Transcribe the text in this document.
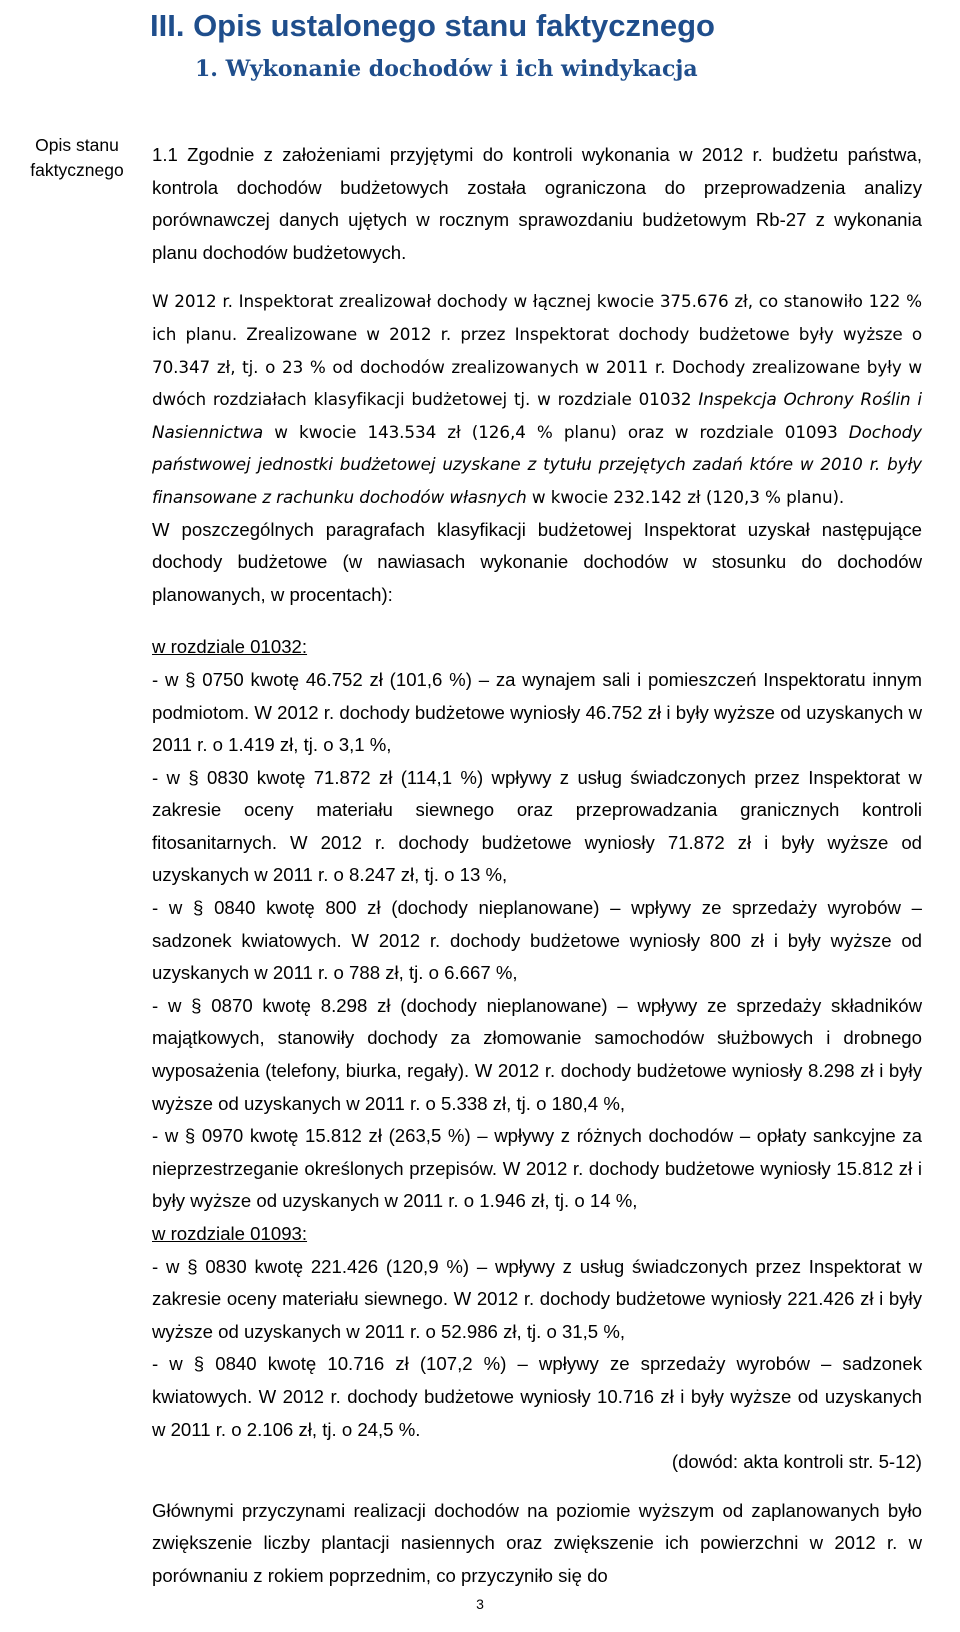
III. Opis ustalonego stanu faktycznego
1. Wykonanie dochodów i ich windykacja
Opis stanu
faktycznego

1.1 Zgodnie z założeniami przyjętymi do kontroli wykonania w 2012 r. budżetu państwa, kontrola dochodów budżetowych została ograniczona do przeprowadzenia analizy porównawczej danych ujętych w rocznym sprawozdaniu budżetowym Rb-27 z wykonania planu dochodów budżetowych.

W 2012 r. Inspektorat zrealizował dochody w łącznej kwocie 375.676 zł, co stanowiło 122 % ich planu. Zrealizowane w 2012 r. przez Inspektorat dochody budżetowe były wyższe o 70.347 zł, tj. o 23 % od dochodów zrealizowanych w 2011 r. Dochody zrealizowane były w dwóch rozdziałach klasyfikacji budżetowej tj. w rozdziale 01032 Inspekcja Ochrony Roślin i Nasiennictwa w kwocie 143.534 zł (126,4 % planu) oraz w rozdziale 01093 Dochody państwowej jednostki budżetowej uzyskane z tytułu przejętych zadań które w 2010 r. były finansowane z rachunku dochodów własnych w kwocie 232.142 zł (120,3 % planu).

W poszczególnych paragrafach klasyfikacji budżetowej Inspektorat uzyskał następujące dochody budżetowe (w nawiasach wykonanie dochodów w stosunku do dochodów planowanych, w procentach):

w rozdziale 01032:

- w § 0750 kwotę 46.752 zł (101,6 %) – za wynajem sali i pomieszczeń Inspektoratu innym podmiotom. W 2012 r. dochody budżetowe wyniosły 46.752 zł i były wyższe od uzyskanych w 2011 r. o 1.419 zł, tj. o 3,1 %,

- w § 0830 kwotę 71.872 zł (114,1 %) wpływy z usług świadczonych przez Inspektorat w zakresie oceny materiału siewnego oraz przeprowadzania granicznych kontroli fitosanitarnych. W 2012 r. dochody budżetowe wyniosły 71.872 zł i były wyższe od uzyskanych w 2011 r. o 8.247 zł, tj. o 13 %,

- w § 0840 kwotę 800 zł (dochody nieplanowane) – wpływy ze sprzedaży wyrobów – sadzonek kwiatowych. W 2012 r. dochody budżetowe wyniosły 800 zł i były wyższe od uzyskanych w 2011 r. o 788 zł, tj. o 6.667 %,

- w § 0870 kwotę 8.298 zł (dochody nieplanowane) – wpływy ze sprzedaży składników majątkowych, stanowiły dochody za złomowanie samochodów służbowych i drobnego wyposażenia (telefony, biurka, regały). W 2012 r. dochody budżetowe wyniosły 8.298 zł i były wyższe od uzyskanych w 2011 r. o 5.338 zł, tj. o 180,4 %,

- w § 0970 kwotę 15.812 zł (263,5 %) – wpływy z różnych dochodów – opłaty sankcyjne za nieprzestrzeganie określonych przepisów. W 2012 r. dochody budżetowe wyniosły 15.812 zł i były wyższe od uzyskanych w 2011 r. o 1.946 zł, tj. o 14 %,

w rozdziale 01093:

- w § 0830 kwotę 221.426 (120,9 %) – wpływy z usług świadczonych przez Inspektorat w zakresie oceny materiału siewnego. W 2012 r. dochody budżetowe wyniosły 221.426 zł i były wyższe od uzyskanych w 2011 r. o 52.986 zł, tj. o 31,5 %,

- w § 0840 kwotę 10.716 zł (107,2 %) – wpływy ze sprzedaży wyrobów – sadzonek kwiatowych. W 2012 r. dochody budżetowe wyniosły 10.716 zł i były wyższe od uzyskanych w 2011 r. o 2.106 zł, tj. o 24,5 %.

(dowód: akta kontroli str. 5-12)

Głównymi przyczynami realizacji dochodów na poziomie wyższym od zaplanowanych było zwiększenie liczby plantacji nasiennych oraz zwiększenie ich powierzchni w 2012 r. w porównaniu z rokiem poprzednim, co przyczyniło się do

3
